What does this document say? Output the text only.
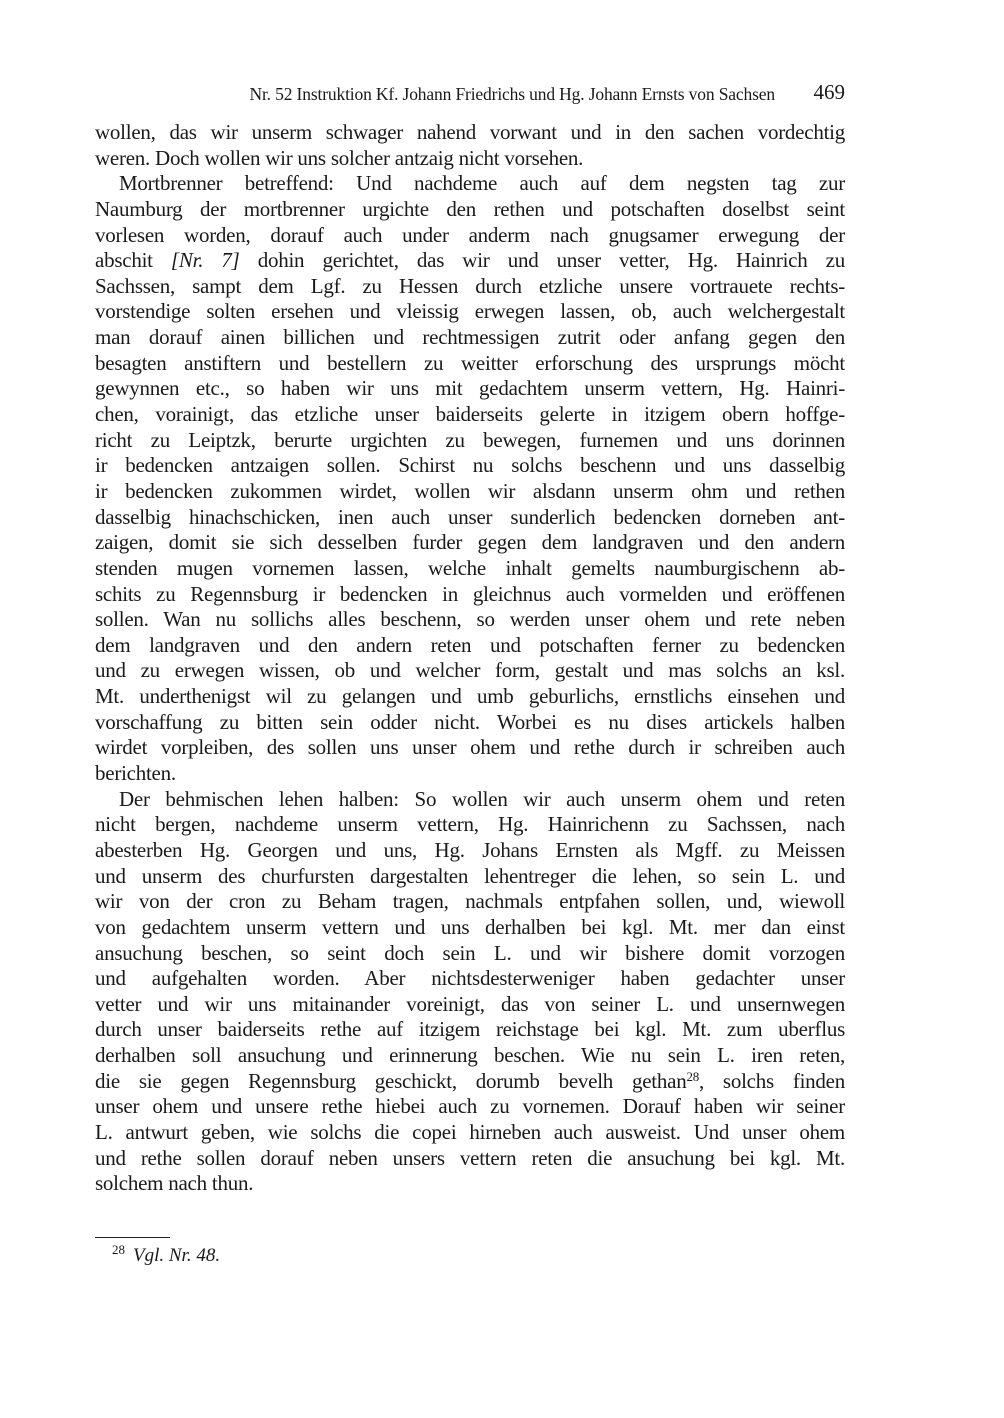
Nr. 52 Instruktion Kf. Johann Friedrichs und Hg. Johann Ernsts von Sachsen 469
wollen, das wir unserm schwager nahend vorwant und in den sachen vordechtig
weren. Doch wollen wir uns solcher antzaig nicht vorsehen.
Mortbrenner betreffend: Und nachdeme auch auf dem negsten tag zur
Naumburg der mortbrenner urgichte den rethen und potschaften doselbst seint
vorlesen worden, dorauf auch under anderm nach gnugsamer erwegung der
abschit [Nr. 7] dohin gerichtet, das wir und unser vetter, Hg. Hainrich zu
Sachssen, sampt dem Lgf. zu Hessen durch etzliche unsere vortrauete rechts-
vorstendige solten ersehen und vleissig erwegen lassen, ob, auch welchergestalt
man dorauf ainen billichen und rechtmessigen zutrit oder anfang gegen den
besagten anstiftern und bestellern zu weitter erforschung des ursprungs möcht
gewynnen etc., so haben wir uns mit gedachtem unserm vettern, Hg. Hainri-
chen, vorainigt, das etzliche unser baiderseits gelerte in itzigem obern hoffge-
richt zu Leiptzk, berurte urgichten zu bewegen, furnemen und uns dorinnen
ir bedencken antzaigen sollen. Schirst nu solchs beschenn und uns dasselbig
ir bedencken zukommen wirdet, wollen wir alsdann unserm ohm und rethen
dasselbig hinachschicken, inen auch unser sunderlich bedencken dorneben ant-
zaigen, domit sie sich desselben furder gegen dem landgraven und den andern
stenden mugen vornemen lassen, welche inhalt gemelts naumburgischenn ab-
schits zu Regennsburg ir bedencken in gleichnus auch vormelden und eröffenen
sollen. Wan nu sollichs alles beschenn, so werden unser ohem und rete neben
dem landgraven und den andern reten und potschaften ferner zu bedencken
und zu erwegen wissen, ob und welcher form, gestalt und mas solchs an ksl.
Mt. underthenigst wil zu gelangen und umb geburlichs, ernstlichs einsehen und
vorschaffung zu bitten sein odder nicht. Worbei es nu dises artickels halben
wirdet vorpleiben, des sollen uns unser ohem und rethe durch ir schreiben auch
berichten.
Der behmischen lehen halben: So wollen wir auch unserm ohem und reten
nicht bergen, nachdeme unserm vettern, Hg. Hainrichenn zu Sachssen, nach
abesterben Hg. Georgen und uns, Hg. Johans Ernsten als Mgff. zu Meissen
und unserm des churfursten dargestalten lehentreger die lehen, so sein L. und
wir von der cron zu Beham tragen, nachmals entpfahen sollen, und, wiewoll
von gedachtem unserm vettern und uns derhalben bei kgl. Mt. mer dan einst
ansuchung beschen, so seint doch sein L. und wir bishere domit vorzogen
und aufgehalten worden. Aber nichtsdesterweniger haben gedachter unser
vetter und wir uns mitainander voreinigt, das von seiner L. und unsernwegen
durch unser baiderseits rethe auf itzigem reichstage bei kgl. Mt. zum uberflus
derhalben soll ansuchung und erinnerung beschen. Wie nu sein L. iren reten,
die sie gegen Regennsburg geschickt, dorumb bevelh gethan$^{28}$, solchs finden
unser ohem und unsere rethe hiebei auch zu vornemen. Dorauf haben wir seiner
L. antwurt geben, wie solchs die copei hirneben auch ausweist. Und unser ohem
und rethe sollen dorauf neben unsers vettern reten die ansuchung bei kgl. Mt.
solchem nach thun.
$^{28}$ Vgl. Nr. 48.
